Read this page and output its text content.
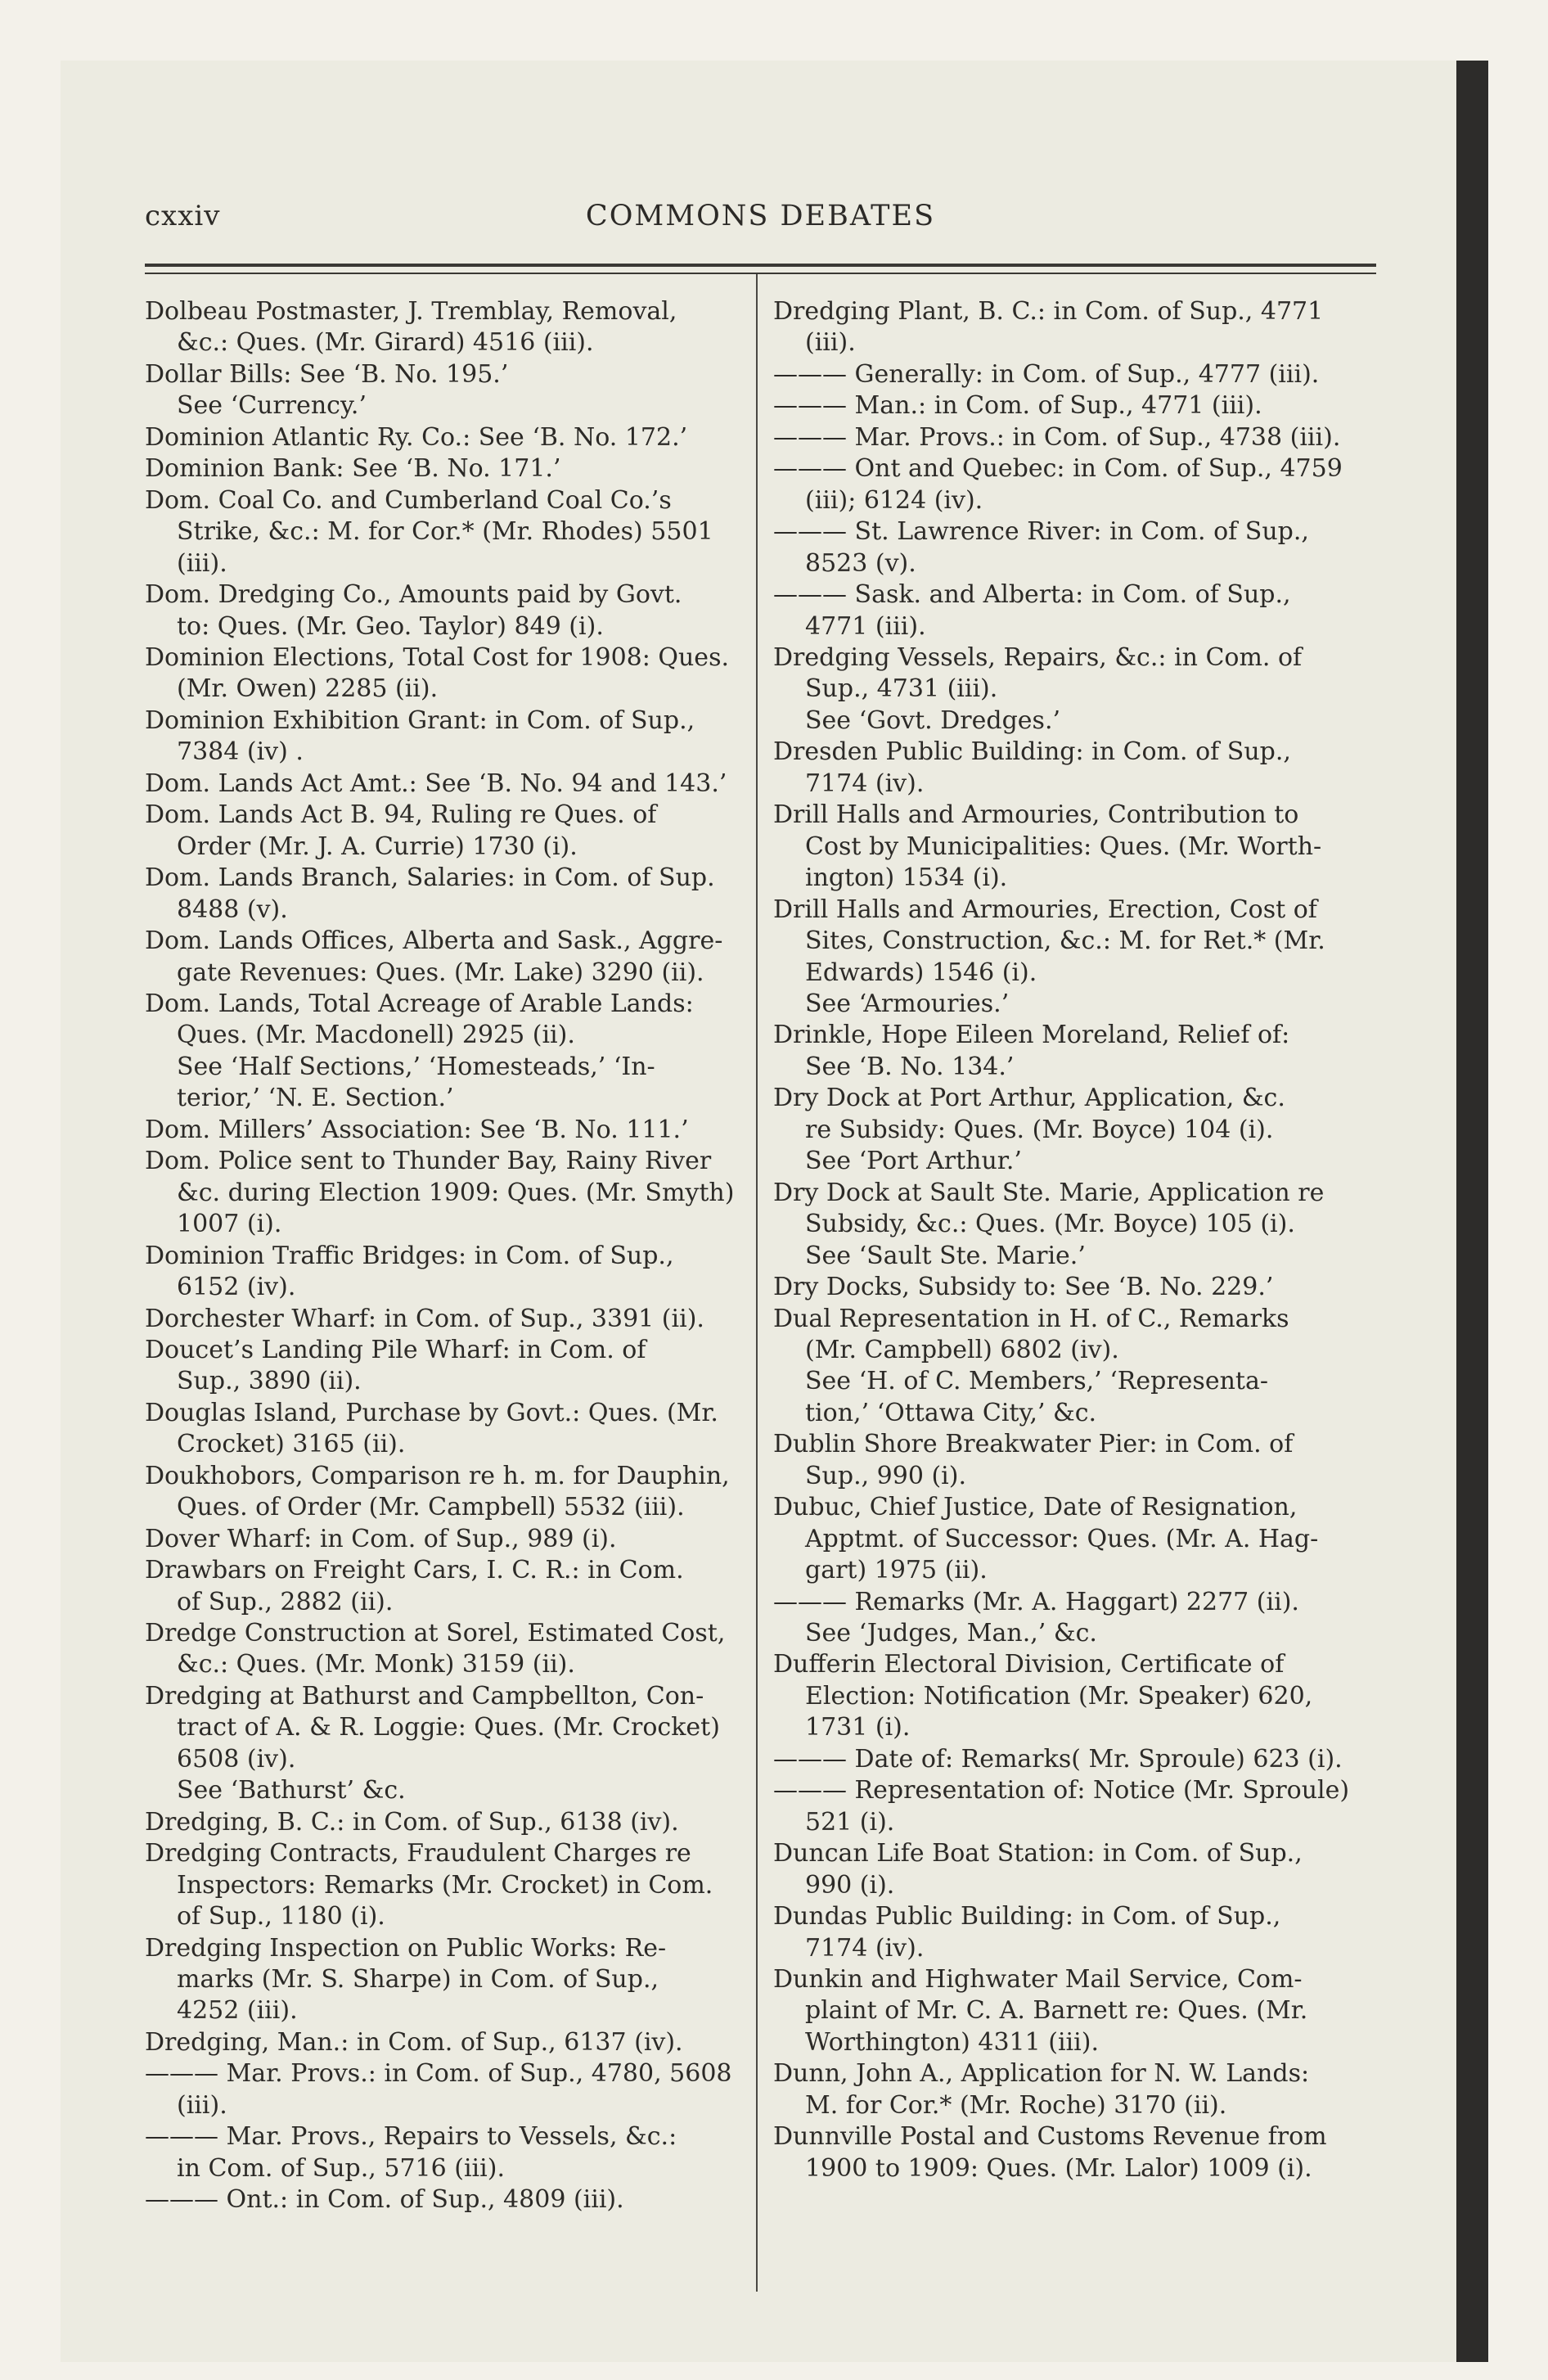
cxxiv	COMMONS DEBATES
Dolbeau Postmaster, J. Tremblay, Removal,
&c.: Ques. (Mr. Girard) 4516 (iii).
Dollar Bills: See ‘B. No. 195.’
See ‘Currency.’
Dominion Atlantic Ry. Co.: See ‘B. No. 172.’
Dominion Bank: See ‘B. No. 171.’
Dom. Coal Co. and Cumberland Coal Co.’s
Strike, &c.: M. for Cor.* (Mr. Rhodes) 5501
(iii).
Dom. Dredging Co., Amounts paid by Govt.
to: Ques. (Mr. Geo. Taylor) 849 (i).
Dominion Elections, Total Cost for 1908: Ques.
(Mr. Owen) 2285 (ii).
Dominion Exhibition Grant: in Com. of Sup.,
7384 (iv) .
Dom. Lands Act Amt.: See ‘B. No. 94 and 143.’
Dom. Lands Act B. 94, Ruling re Ques. of
Order (Mr. J. A. Currie) 1730 (i).
Dom. Lands Branch, Salaries: in Com. of Sup.
8488 (v).
Dom. Lands Offices, Alberta and Sask., Aggre-
gate Revenues: Ques. (Mr. Lake) 3290 (ii).
Dom. Lands, Total Acreage of Arable Lands:
Ques. (Mr. Macdonell) 2925 (ii).
See ‘Half Sections,’ ‘Homesteads,’ ‘In-
terior,’ ‘N. E. Section.’
Dom. Millers’ Association: See ‘B. No. 111.’
Dom. Police sent to Thunder Bay, Rainy River
&c. during Election 1909: Ques. (Mr. Smyth)
1007 (i).
Dominion Traffic Bridges: in Com. of Sup.,
6152 (iv).
Dorchester Wharf: in Com. of Sup., 3391 (ii).
Doucet’s Landing Pile Wharf: in Com. of
Sup., 3890 (ii).
Douglas Island, Purchase by Govt.: Ques. (Mr.
Crocket) 3165 (ii).
Doukhobors, Comparison re h. m. for Dauphin,
Ques. of Order (Mr. Campbell) 5532 (iii).
Dover Wharf: in Com. of Sup., 989 (i).
Drawbars on Freight Cars, I. C. R.: in Com.
of Sup., 2882 (ii).
Dredge Construction at Sorel, Estimated Cost,
&c.: Ques. (Mr. Monk) 3159 (ii).
Dredging at Bathurst and Campbellton, Con-
tract of A. & R. Loggie: Ques. (Mr. Crocket)
6508 (iv).
See ‘Bathurst’ &c.
Dredging, B. C.: in Com. of Sup., 6138 (iv).
Dredging Contracts, Fraudulent Charges re
Inspectors: Remarks (Mr. Crocket) in Com.
of Sup., 1180 (i).
Dredging Inspection on Public Works: Re-
marks (Mr. S. Sharpe) in Com. of Sup.,
4252 (iii).
Dredging, Man.: in Com. of Sup., 6137 (iv).
——— Mar. Provs.: in Com. of Sup., 4780, 5608
(iii).
——— Mar. Provs., Repairs to Vessels, &c.:
in Com. of Sup., 5716 (iii).
——— Ont.: in Com. of Sup., 4809 (iii).
Dredging Plant, B. C.: in Com. of Sup., 4771
(iii).
——— Generally: in Com. of Sup., 4777 (iii).
——— Man.: in Com. of Sup., 4771 (iii).
——— Mar. Provs.: in Com. of Sup., 4738 (iii).
——— Ont and Quebec: in Com. of Sup., 4759
(iii); 6124 (iv).
——— St. Lawrence River: in Com. of Sup.,
8523 (v).
——— Sask. and Alberta: in Com. of Sup.,
4771 (iii).
Dredging Vessels, Repairs, &c.: in Com. of
Sup., 4731 (iii).
See ‘Govt. Dredges.’
Dresden Public Building: in Com. of Sup.,
7174 (iv).
Drill Halls and Armouries, Contribution to
Cost by Municipalities: Ques. (Mr. Worth-
ington) 1534 (i).
Drill Halls and Armouries, Erection, Cost of
Sites, Construction, &c.: M. for Ret.* (Mr.
Edwards) 1546 (i).
See ‘Armouries.’
Drinkle, Hope Eileen Moreland, Relief of:
See ‘B. No. 134.’
Dry Dock at Port Arthur, Application, &c.
re Subsidy: Ques. (Mr. Boyce) 104 (i).
See ‘Port Arthur.’
Dry Dock at Sault Ste. Marie, Application re
Subsidy, &c.: Ques. (Mr. Boyce) 105 (i).
See ‘Sault Ste. Marie.’
Dry Docks, Subsidy to: See ‘B. No. 229.’
Dual Representation in H. of C., Remarks
(Mr. Campbell) 6802 (iv).
See ‘H. of C. Members,’ ‘Representa-
tion,’ ‘Ottawa City,’ &c.
Dublin Shore Breakwater Pier: in Com. of
Sup., 990 (i).
Dubuc, Chief Justice, Date of Resignation,
Apptmt. of Successor: Ques. (Mr. A. Hag-
gart) 1975 (ii).
——— Remarks (Mr. A. Haggart) 2277 (ii).
See ‘Judges, Man.,’ &c.
Dufferin Electoral Division, Certificate of
Election: Notification (Mr. Speaker) 620,
1731 (i).
——— Date of: Remarks( Mr. Sproule) 623 (i).
——— Representation of: Notice (Mr. Sproule)
521 (i).
Duncan Life Boat Station: in Com. of Sup.,
990 (i).
Dundas Public Building: in Com. of Sup.,
7174 (iv).
Dunkin and Highwater Mail Service, Com-
plaint of Mr. C. A. Barnett re: Ques. (Mr.
Worthington) 4311 (iii).
Dunn, John A., Application for N. W. Lands:
M. for Cor.* (Mr. Roche) 3170 (ii).
Dunnville Postal and Customs Revenue from
1900 to 1909: Ques. (Mr. Lalor) 1009 (i).
